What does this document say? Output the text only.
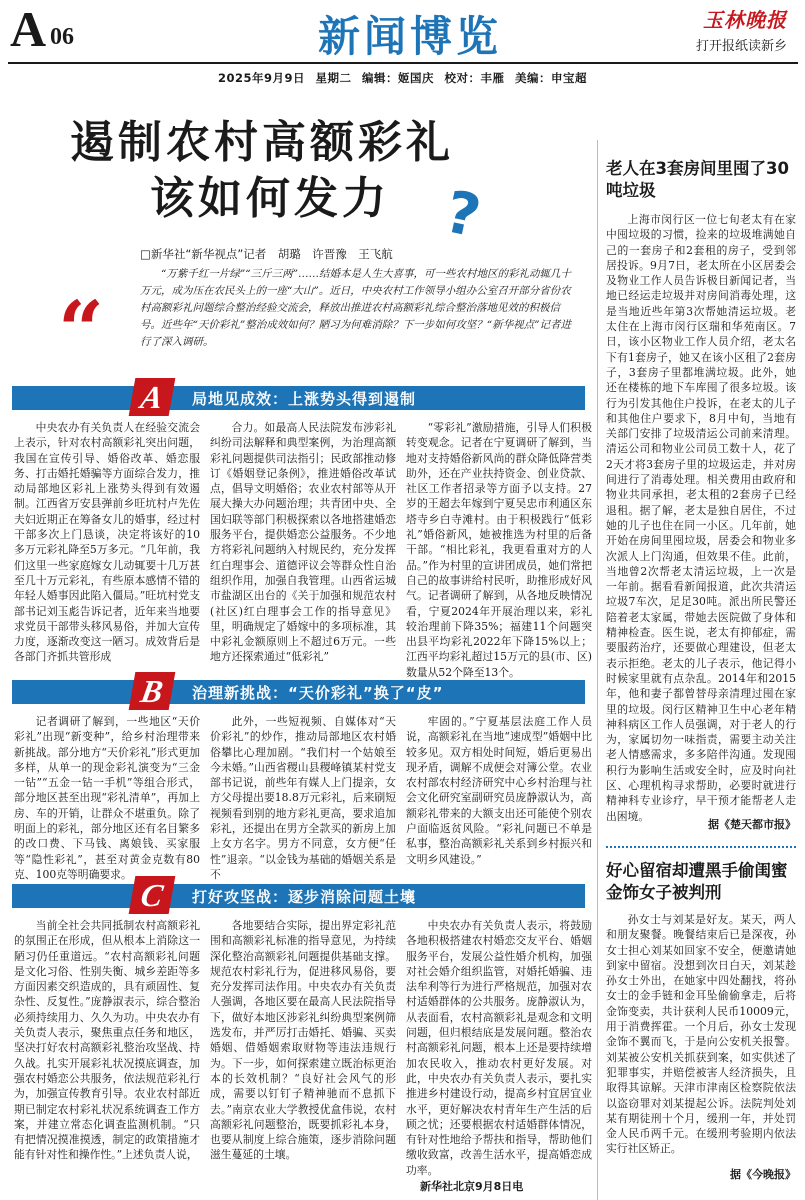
A 06	新闻博览	玉林晚报
打开报纸读新乡
2025年9月9日 星期二 编辑：姬国庆 校对：丰雁 美编：申宝超
遏制农村高额彩礼
该如何发力 ?
□新华社“新华视点”记者　胡璐　许晋豫　王飞航
“
“万紫千红一片绿”“三斤三两”……结婚本是人生大喜事，可一些农村地区的彩礼动辄几十万元，成为压在农民头上的一座“大山”。近日，中央农村工作领导小组办公室召开部分省份农村高额彩礼问题综合整治经验交流会，释放出推进农村高额彩礼综合整治落地见效的积极信号。近些年“天价彩礼”整治成效如何？陋习为何难消除？下一步如何攻坚？“新华视点”记者进行了深入调研。
A	局地见成效：上涨势头得到遏制

中央农办有关负责人在经验交流会上表示，针对农村高额彩礼突出问题，我国在宣传引导、婚俗改革、婚恋服务、打击婚托婚骗等方面综合发力，推动局部地区彩礼上涨势头得到有效遏制。江西省万安县弹前乡旺坑村卢先佐夫妇近期正在筹备女儿的婚事，经过村干部多次上门恳谈，决定将该好的10多万元彩礼降至5万多元。“几年前，我们这里一些家庭嫁女儿动辄要十几万甚至几十万元彩礼，有些原本感情不错的年轻人婚事因此陷入僵局。”旺坑村党支部书记刘玉彪告诉记者，近年来当地要求党员干部带头移风易俗，并加大宣传力度，逐渐改变这一陋习。成效背后是各部门齐抓共管形成

合力。如最高人民法院发布涉彩礼纠纷司法解释和典型案例，为治理高额彩礼问题提供司法指引；民政部推动修订《婚姻登记条例》，推进婚俗改革试点，倡导文明婚俗；农业农村部等从开展大操大办问题治理；共青团中央、全国妇联等部门积极探索以各地搭建婚恋服务平台，提供婚恋公益服务。不少地方将彩礼问题纳入村规民约，充分发挥红白理事会、道德评议会等群众性自治组织作用，加强自我管理。山西省运城市盐湖区出台的《关于加强和规范农村(社区)红白理事会工作的指导意见》里，明确规定了婚嫁中的多项标准，其中彩礼金额原则上不超过6万元。一些地方还探索通过“低彩礼”

“零彩礼”激励措施，引导人们积极转变观念。记者在宁夏调研了解到，当地对支持婚俗新风尚的群众降低降营类助外，还在产业扶持资金、创业贷款、社区工作者招录等方面予以支持。27岁的王超去年嫁到宁夏吴忠市利通区东塔寺乡白寺滩村。由于积极践行“低彩礼”婚俗新风，她被推选为村里的后备干部。“相比彩礼，我更看重对方的人品。”作为村里的宣讲团成员，她们常把自己的故事讲给村民听，助推形成好风气。记者调研了解到，从各地反映情况看，宁夏2024年开展治理以来，彩礼较治理前下降35%；福建11个问题突出县平均彩礼2022年下降15%以上；江西平均彩礼超过15万元的县(市、区)数量从52个降至13个。

B	治理新挑战：“天价彩礼”换了“皮”

记者调研了解到，一些地区“天价彩礼”出现“新变种”，给乡村治理带来新挑战。部分地方“天价彩礼”形式更加多样，从单一的现金彩礼演变为“三金一钻”“五金一钻一手机”等组合形式，部分地区甚至出现“彩礼清单”，再加上房、车的开销，让群众不堪重负。除了明面上的彩礼，部分地区还有名目繁多的改口费、下马钱、离娘钱、买家服等“隐性彩礼”，甚至对黄金克数有80克、100克等明确要求。

此外，一些短视频、自媒体对“天价彩礼”的炒作，推动局部地区农村婚俗攀比心理加剧。“我们村一个姑娘至今未婚。”山西省稷山县稷峰镇某村党支部书记说，前些年有媒人上门提亲，女方父母提出要18.8万元彩礼，后来刷短视频看到别的地方彩礼更高，要求追加彩礼，还提出在男方全款买的新房上加上女方名字。男方不同意，女方便“任性”退亲。“以金钱为基础的婚姻关系是不

牢固的。”宁夏基层法庭工作人员说，高额彩礼在当地“速成型”婚姻中比较多见。双方相处时间短，婚后更易出现矛盾，调解不成便会对簿公堂。农业农村部农村经济研究中心乡村治理与社会文化研究室副研究员庞静淑认为，高额彩礼带来的大额支出还可能使个别农户面临返贫风险。“彩礼问题已不单是私事，整治高额彩礼关系到乡村振兴和文明乡风建设。”

C	打好攻坚战：逐步消除问题土壤

当前全社会共同抵制农村高额彩礼的氛围正在形成，但从根本上消除这一陋习仍任重道远。“农村高额彩礼问题是文化习俗、性别失衡、城乡差距等多方面因素交织造成的，具有顽固性、复杂性、反复性。”庞静淑表示，综合整治必须持续用力、久久为功。中央农办有关负责人表示，聚焦重点任务和地区，坚决打好农村高额彩礼整治攻坚战、持久战。扎实开展彩礼状况摸底调查，加强农村婚恋公共服务，依法规范彩礼行为，加强宣传教育引导。农业农村部近期已制定农村彩礼状况系统调查工作方案，并建立常态化调查监测机制。“只有把情况摸准摸透，制定的政策措施才能有针对性和操作性。”上述负责人说，

各地要结合实际，提出界定彩礼范围和高额彩礼标准的指导意见，为持续深化整治高额彩礼问题提供基础支撑。规范农村彩礼行为，促进移风易俗，要充分发挥司法作用。中央农办有关负责人强调，各地区要在最高人民法院指导下，做好本地区涉彩礼纠纷典型案例筛选发布，并严厉打击婚托、婚骗、买卖婚姻、借婚姻索取财物等违法违规行为。下一步，如何探索建立既治标更治本的长效机制？“良好社会风气的形成，需要以钉钉子精神驰而不息抓下去。”南京农业大学教授优盒伟说，农村高额彩礼问题整治，既要抓彩礼本身，也要从制度上综合施策，逐步消除问题滋生蔓延的土壤。

中央农办有关负责人表示，将鼓励各地积极搭建农村婚恋交友平台、婚姻服务平台，发展公益性婚介机构，加强对社会婚介组织监管，对婚托婚骗、违法牟利等行为进行严格规范，加强对农村适婚群体的公共服务。庞静淑认为，从表面看，农村高额彩礼是观念和文明问题，但归根结底是发展问题。整治农村高额彩礼问题，根本上还是要持续增加农民收入，推动农村更好发展。对此，中央农办有关负责人表示，要扎实推进乡村建设行动，提高乡村宜居宜业水平，更好解决农村青年生产生活的后顾之忧；还要根据农村适婚群体情况，有针对性地给予帮扶和指导，帮助他们缴收致富，改善生活水平，提高婚恋成功率。

新华社北京9月8日电
老人在3套房间里囤了30吨垃圾

上海市闵行区一位七旬老太有在家中囤垃圾的习惯，捡来的垃圾堆满她自己的一套房子和2套租的房子，受到邻居投诉。9月7日，老太所在小区居委会及物业工作人员告诉极目新闻记者，当地已经运走垃圾并对房间消毒处理，这是当地近些年第3次帮她清运垃圾。老太住在上海市闵行区瑞和华苑南区。7日，该小区物业工作人员介绍，老太名下有1套房子，她又在该小区租了2套房子，3套房子里都堆满垃圾。此外，她还在楼栋的地下车库囤了很多垃圾。该行为引发其他住户投诉，在老太的儿子和其他住户要求下，8月中旬，当地有关部门安排了垃圾清运公司前来清理。清运公司和物业公司员工数十人，花了2天才将3套房子里的垃圾运走，并对房间进行了消毒处理。相关费用由政府和物业共同承担，老太租的2套房子已经退租。据了解，老太是独自居住，不过她的儿子也住在同一小区。几年前，她开始在房间里囤垃圾，居委会和物业多次派人上门沟通，但效果不佳。此前，当地曾2次帮老太清运垃圾，上一次是一年前。据看看新闻报道，此次共清运垃圾7车次，足足30吨。派出所民警还陪着老太家属，带她去医院做了身体和精神检查。医生说，老太有抑郁症，需要服药治疗，还要做心理建设，但老太表示拒绝。老太的儿子表示，他记得小时候家里就有点杂乱。2014年和2015年，他和妻子都曾替母亲清理过囤在家里的垃圾。闵行区精神卫生中心老年精神科病区工作人员强调，对于老人的行为，家属切勿一味指责，需要主动关注老人情感需求，多多陪伴沟通。发现囤积行为影响生活或安全时，应及时向社区、心理机构寻求帮助，必要时就进行精神科专业诊疗，早干预才能帮老人走出困境。

据《楚天都市报》
好心留宿却遭黑手偷闺蜜金饰女子被判刑

孙女士与刘某是好友。某天，两人和朋友聚餐。晚餐结束后已是深夜，孙女士担心刘某如回家不安全，便邀请她到家中留宿。没想到次日白天，刘某趁孙女士外出，在她家中四处翻找，将孙女士的金手链和金耳坠偷偷拿走，后将金饰变卖，共计获利人民币10009元，用于消费挥霍。一个月后，孙女士发现金饰不翼而飞，于是向公安机关报警。刘某被公安机关抓获到案，如实供述了犯罪事实，并赔偿被害人经济损失，且取得其谅解。天津市津南区检察院依法以盗窃罪对刘某提起公诉。法院判处刘某有期徒刑十个月，缓刑一年，并处罚金人民币两千元。在缓刑考验期内依法实行社区矫正。

据《今晚报》
